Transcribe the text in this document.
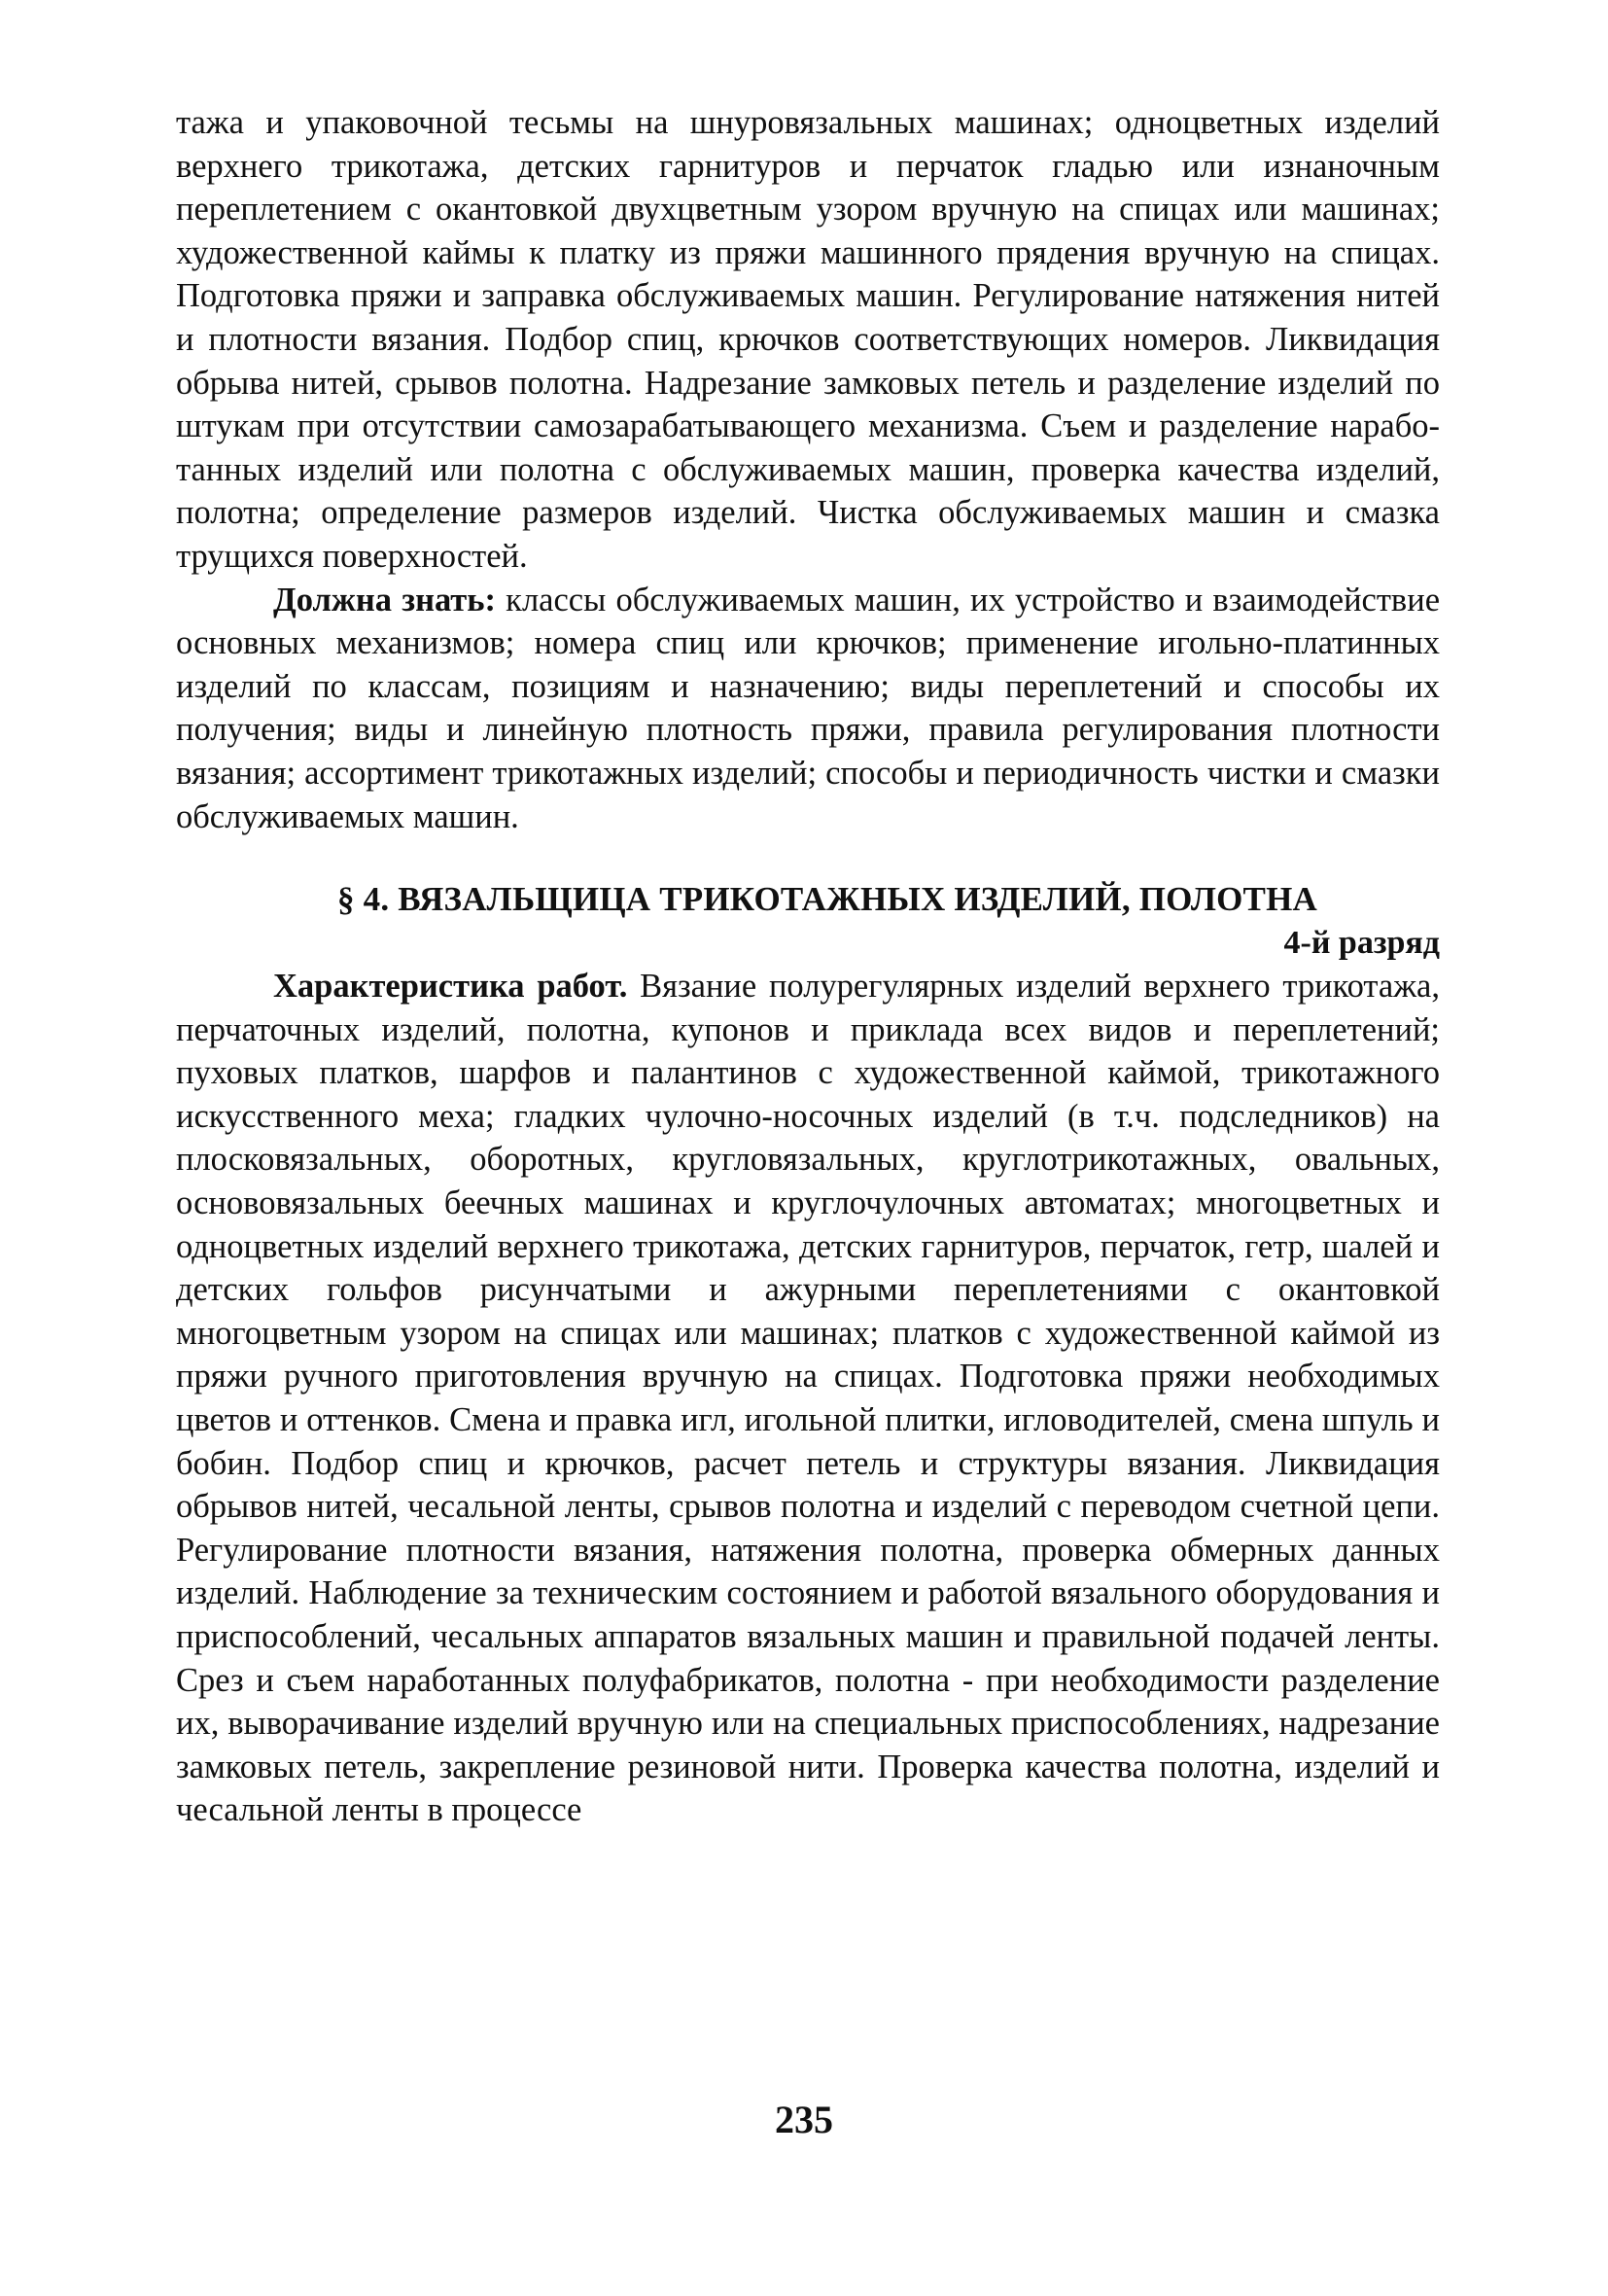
тажа и упаковочной тесьмы на шнуровязальных машинах; одноцветных изделий верхнего трикотажа, детских гарнитуров и перчаток гладью или изнаночным переплетением с окантовкой двухцветным узором вручную на спицах или машинах; художественной каймы к платку из пряжи машинного прядения вручную на спицах. Подготовка пряжи и заправка обслуживаемых машин. Регулирование натяжения нитей и плотности вязания. Подбор спиц, крючков соответствующих номеров. Ликвидация обрыва нитей, срывов полотна. Надрезание замковых петель и разделение изделий по штукам при отсутствии самозарабатывающего механизма. Съем и разделение наработанных изделий или полотна с обслуживаемых машин, проверка качества изделий, полотна; определение размеров изделий. Чистка обслуживаемых машин и смазка трущихся поверхностей.

Должна знать: классы обслуживаемых машин, их устройство и взаимодействие основных механизмов; номера спиц или крючков; применение игольно-платинных изделий по классам, позициям и назначению; виды переплетений и способы их получения; виды и линейную плотность пряжи, правила регулирования плотности вязания; ассортимент трикотажных изделий; способы и периодичность чистки и смазки обслуживаемых машин.

§ 4. ВЯЗАЛЬЩИЦА ТРИКОТАЖНЫХ ИЗДЕЛИЙ, ПОЛОТНА

4-й разряд

Характеристика работ. Вязание полурегулярных изделий верхнего трикотажа, перчаточных изделий, полотна, купонов и приклада всех видов и переплетений; пуховых платков, шарфов и палантинов с художественной каймой, трикотажного искусственного меха; гладких чулочно-носочных изделий (в т.ч. подследников) на плосковязальных, оборотных, кругловязальных, круглотрикотажных, овальных, основовязальных беечных машинах и круглочулочных автоматах; многоцветных и одноцветных изделий верхнего трикотажа, детских гарнитуров, перчаток, гетр, шалей и детских гольфов рисунчатыми и ажурными переплетениями с окантовкой многоцветным узором на спицах или машинах; платков с художественной каймой из пряжи ручного приготовления вручную на спицах. Подготовка пряжи необходимых цветов и оттенков. Смена и правка игл, игольной плитки, игловодителей, смена шпуль и бобин. Подбор спиц и крючков, расчет петель и структуры вязания. Ликвидация обрывов нитей, чесальной ленты, срывов полотна и изделий с переводом счетной цепи. Регулирование плотности вязания, натяжения полотна, проверка обмерных данных изделий. Наблюдение за техническим состоянием и работой вязального оборудования и приспособлений, чесальных аппаратов вязальных машин и правильной подачей ленты. Срез и съем наработанных полуфабрикатов, полотна - при необходимости разделение их, выворачивание изделий вручную или на специальных приспособлениях, надрезание замковых петель, закрепление резиновой нити. Проверка качества полотна, изделий и чесальной ленты в процессе

235
